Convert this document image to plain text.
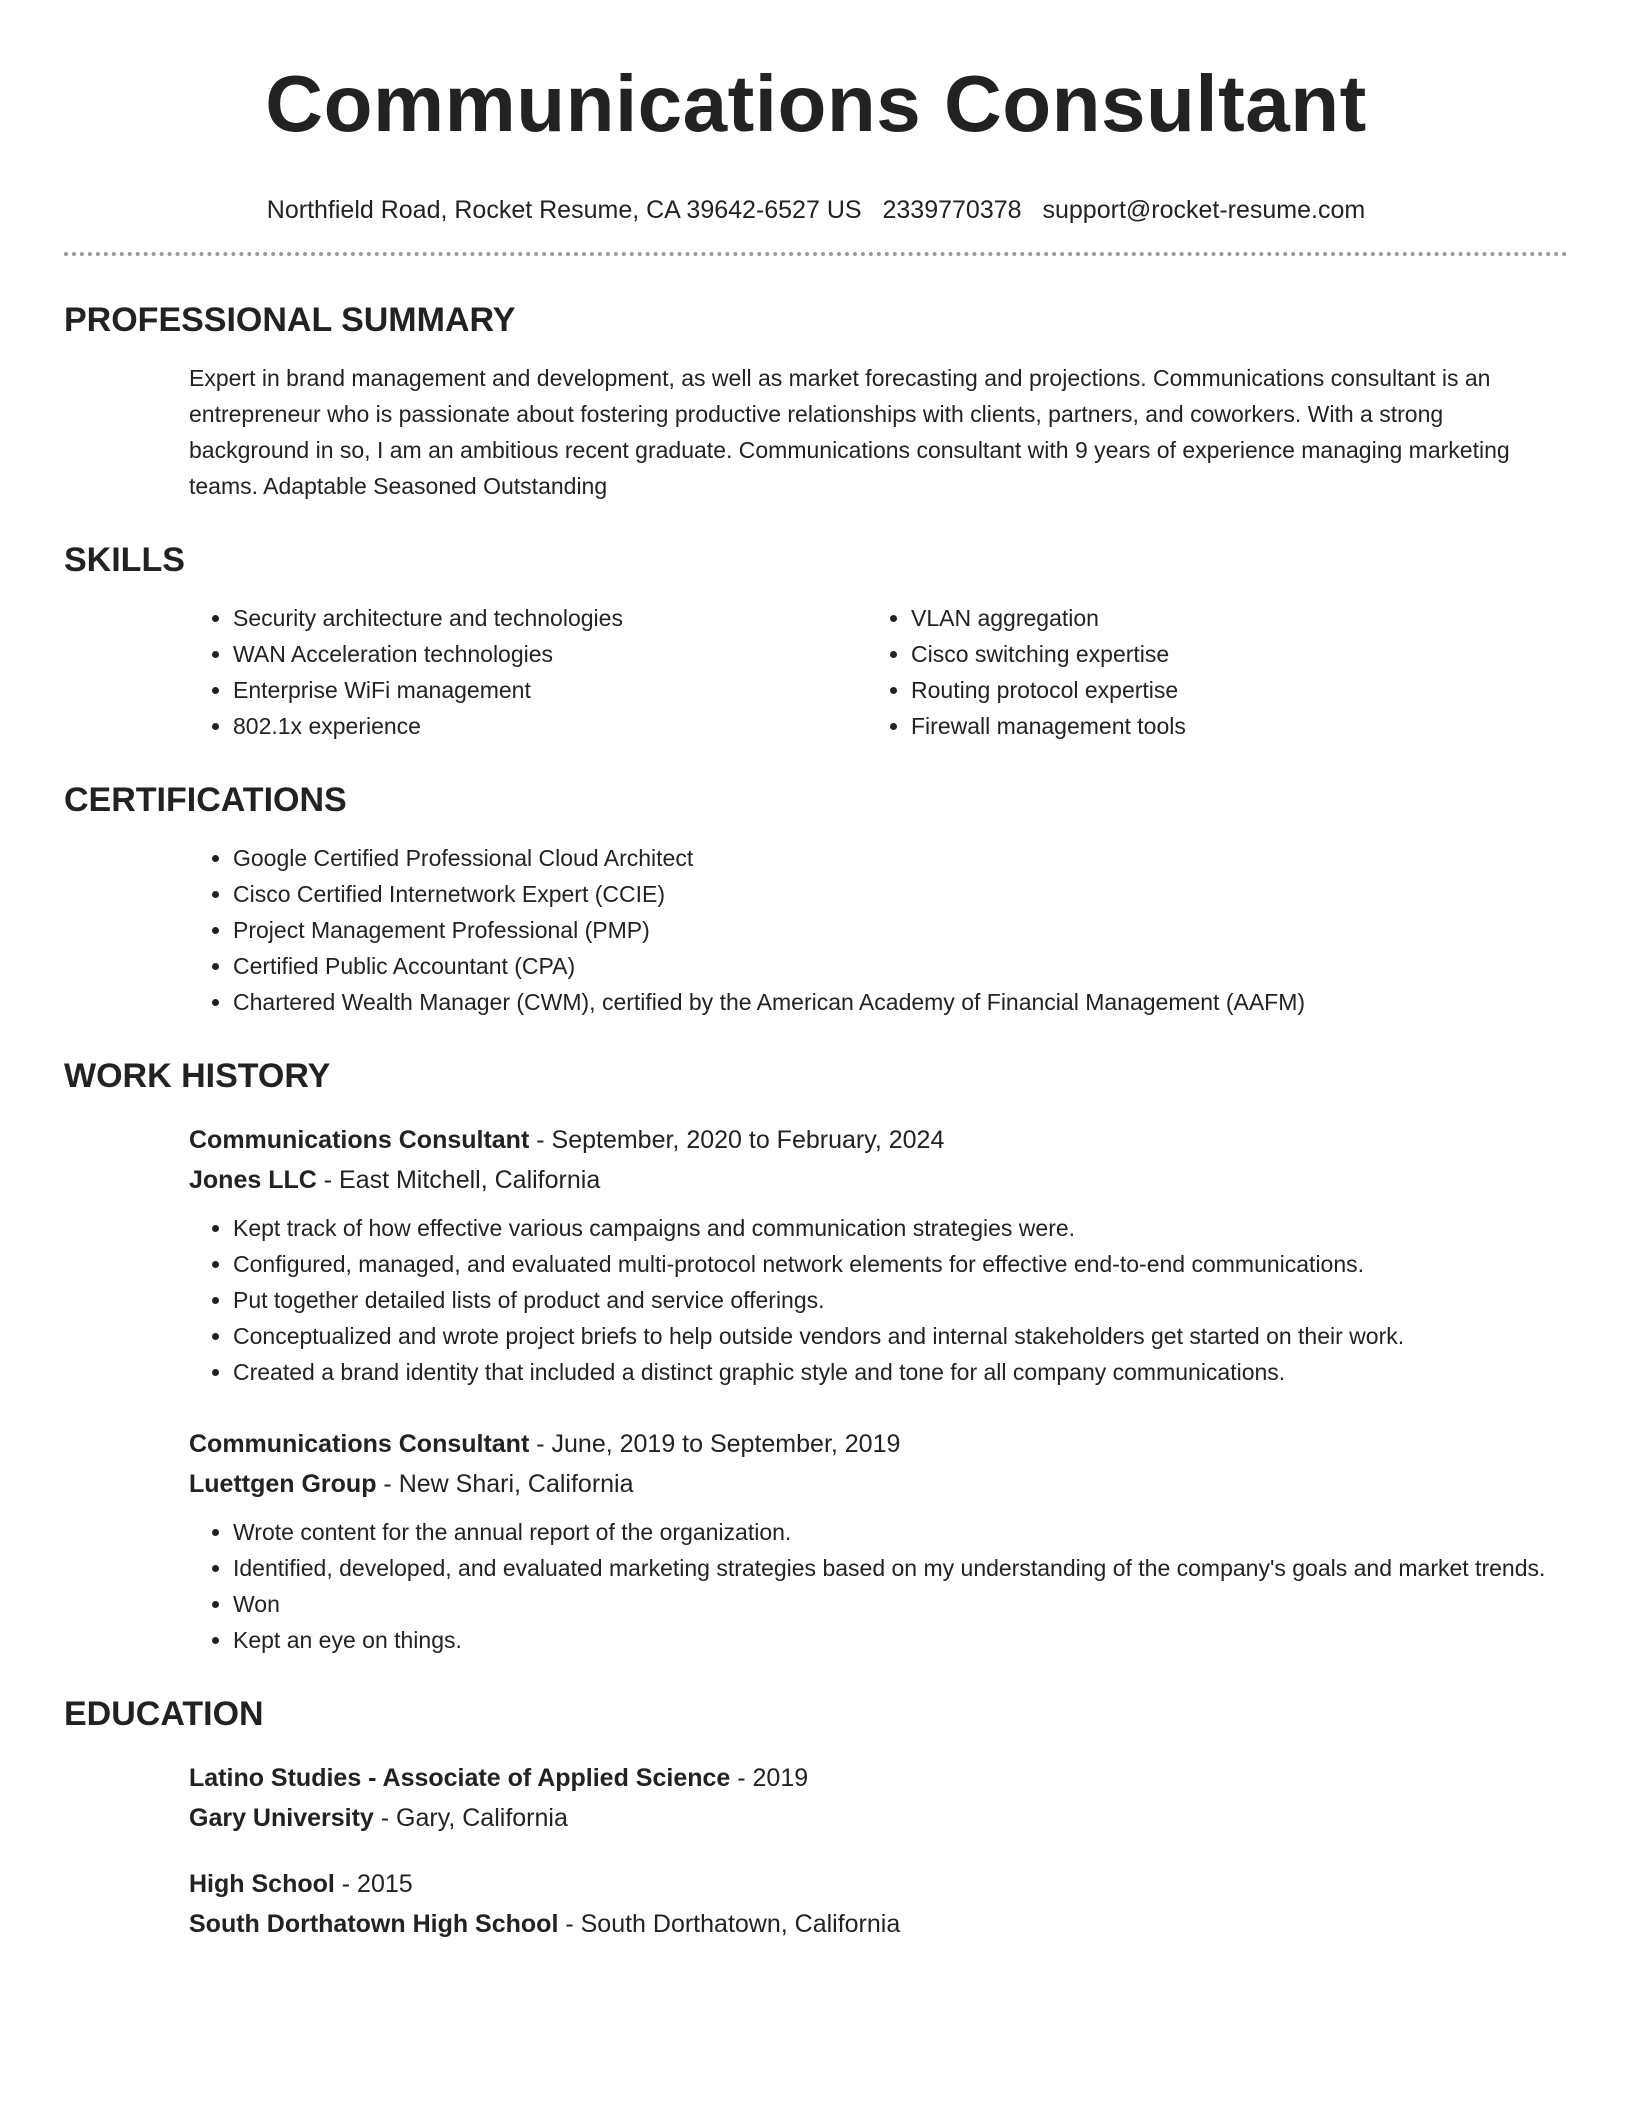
Communications Consultant
Northfield Road, Rocket Resume, CA 39642-6527 US 2339770378 support@rocket-resume.com
PROFESSIONAL SUMMARY

Expert in brand management and development, as well as market forecasting and projections. Communications consultant is an entrepreneur who is passionate about fostering productive relationships with clients, partners, and coworkers. With a strong background in so, I am an ambitious recent graduate. Communications consultant with 9 years of experience managing marketing teams. Adaptable Seasoned Outstanding

SKILLS
• Security architecture and technologies
• WAN Acceleration technologies
• Enterprise WiFi management
• 802.1x experience
• VLAN aggregation
• Cisco switching expertise
• Routing protocol expertise
• Firewall management tools
CERTIFICATIONS
• Google Certified Professional Cloud Architect
• Cisco Certified Internetwork Expert (CCIE)
• Project Management Professional (PMP)
• Certified Public Accountant (CPA)
• Chartered Wealth Manager (CWM), certified by the American Academy of Financial Management (AAFM)
WORK HISTORY
Communications Consultant - September, 2020 to February, 2024
Jones LLC - East Mitchell, California
• Kept track of how effective various campaigns and communication strategies were.
• Configured, managed, and evaluated multi-protocol network elements for effective end-to-end communications.
• Put together detailed lists of product and service offerings.
• Conceptualized and wrote project briefs to help outside vendors and internal stakeholders get started on their work.
• Created a brand identity that included a distinct graphic style and tone for all company communications.
Communications Consultant - June, 2019 to September, 2019
Luettgen Group - New Shari, California
• Wrote content for the annual report of the organization.
• Identified, developed, and evaluated marketing strategies based on my understanding of the company's goals and market trends.
• Won
• Kept an eye on things.
EDUCATION
Latino Studies - Associate of Applied Science - 2019
Gary University - Gary, California
High School - 2015
South Dorthatown High School - South Dorthatown, California
